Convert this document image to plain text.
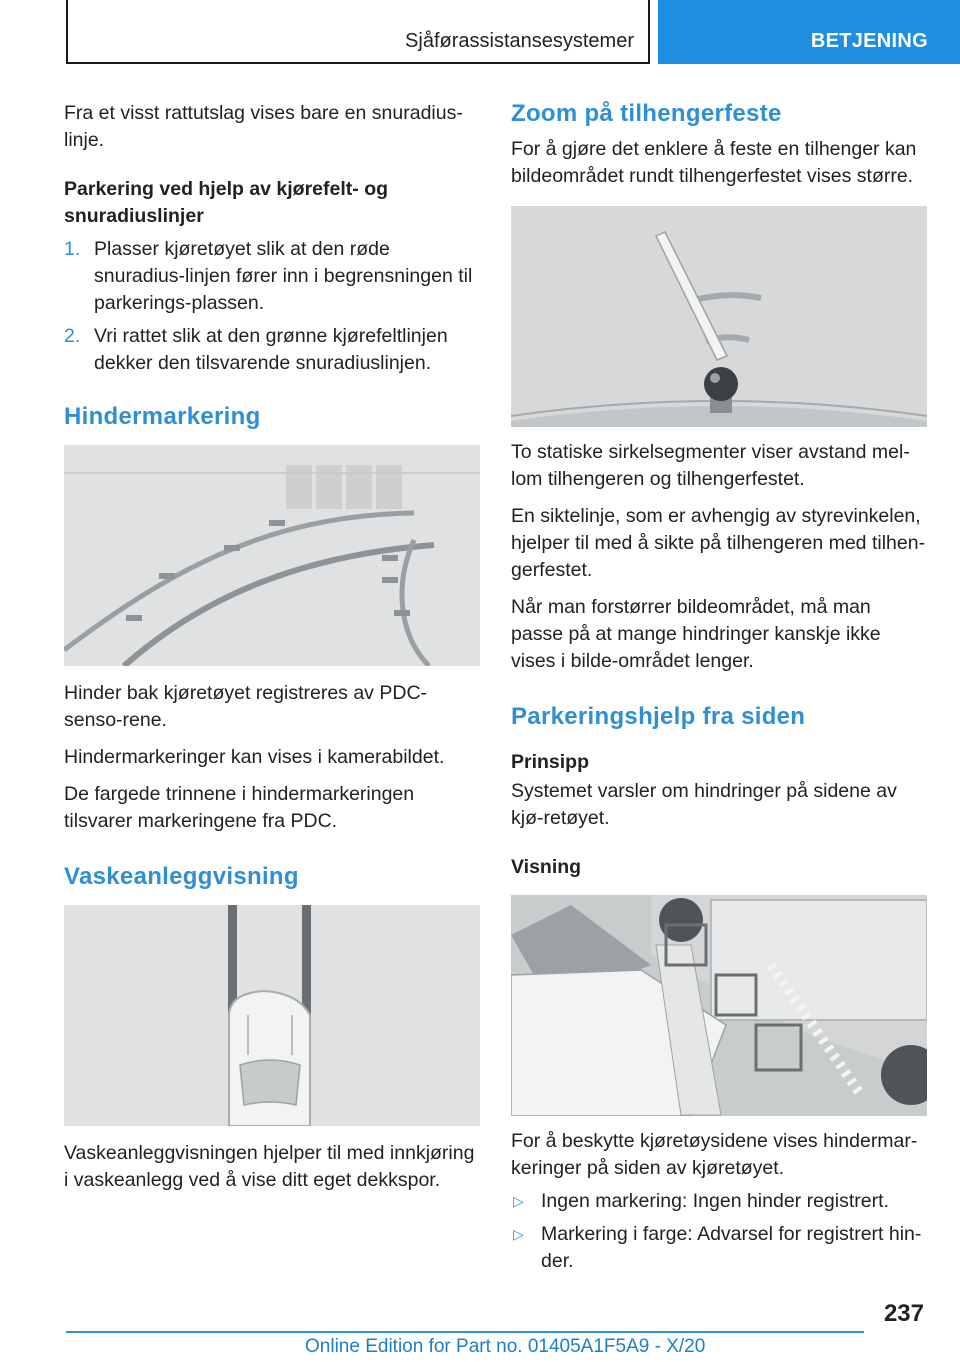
Sjåførassistansesystemer	BETJENING

Fra et visst rattutslag vises bare en snuradius-linje.

Parkering ved hjelp av kjørefelt- og snuradiuslinjer
1. Plasser kjøretøyet slik at den røde snuradius-linjen fører inn i begrensningen til parkerings-plassen.
2. Vri rattet slik at den grønne kjørefeltlinjen dekker den tilsvarende snuradiuslinjen.
Hindermarkering

Hinder bak kjøretøyet registreres av PDC-senso-rene.

Hindermarkeringer kan vises i kamerabildet.

De fargede trinnene i hindermarkeringen tilsvarer markeringene fra PDC.

Vaskeanleggvisning

Vaskeanleggvisningen hjelper til med innkjøring i vaskeanlegg ved å vise ditt eget dekkspor.

Zoom på tilhengerfeste

For å gjøre det enklere å feste en tilhenger kan bildeområdet rundt tilhengerfestet vises større.

To statiske sirkelsegmenter viser avstand mel-lom tilhengeren og tilhengerfestet.

En siktelinje, som er avhengig av styrevinkelen, hjelper til med å sikte på tilhengeren med tilhen-gerfestet.

Når man forstørrer bildeområdet, må man passe på at mange hindringer kanskje ikke vises i bilde-området lenger.

Parkeringshjelp fra siden
Prinsipp

Systemet varsler om hindringer på sidene av kjø-retøyet.

Visning

For å beskytte kjøretøysidene vises hindermar-keringer på siden av kjøretøyet.

▷ Ingen markering: Ingen hinder registrert.
▷ Markering i farge: Advarsel for registrert hin-der.
237
Online Edition for Part no. 01405A1F5A9 - X/20
